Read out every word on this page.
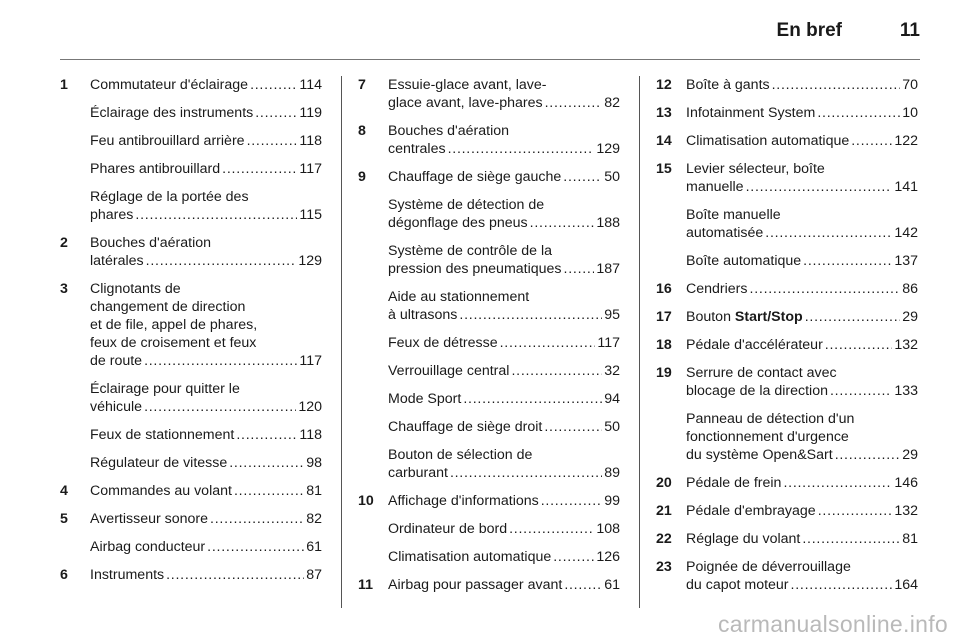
En bref	11
1	Commutateur d'éclairage . . .	114
Éclairage des instruments . . .	119
Feu antibrouillard arrière . . .	118
Phares antibrouillard . . .	117
Réglage de la portée des
phares . . .	115
2	Bouches d'aération
latérales . . .	129
3	Clignotants de
changement de direction
et de file, appel de phares,
feux de croisement et feux
de route . . .	117
Éclairage pour quitter le
véhicule . . .	120
Feux de stationnement . . .	118
Régulateur de vitesse . . .	98
4	Commandes au volant . . .	81
5	Avertisseur sonore . . .	82
Airbag conducteur . . .	61
6	Instruments . . .	87
7	Essuie-glace avant, lave-
glace avant, lave-phares . . .	82
8	Bouches d'aération
centrales . . .	129
9	Chauffage de siège gauche . . .	50
Système de détection de
dégonflage des pneus . . .	188
Système de contrôle de la
pression des pneumatiques . . . 187
Aide au stationnement
à ultrasons . . .	95
Feux de détresse . . .	117
Verrouillage central . . .	32
Mode Sport . . .	94
Chauffage de siège droit . . .	50
Bouton de sélection de
carburant . . .	89
10	Affichage d'informations . . .	99
Ordinateur de bord . . .	108
Climatisation automatique . . .	126
11	Airbag pour passager avant . . .	61
12	Boîte à gants . . .	70
13	Infotainment System . . .	10
14	Climatisation automatique . . .	122
15	Levier sélecteur, boîte
manuelle . . .	141
Boîte manuelle
automatisée . . .	142
Boîte automatique . . .	137
16	Cendriers . . .	86
17	Bouton Start/Stop . . .	29
18	Pédale d'accélérateur . . .	132
19	Serrure de contact avec
blocage de la direction . . .	133
Panneau de détection d'un
fonctionnement d'urgence
du système Open&Sart . . .	29
20	Pédale de frein . . .	146
21	Pédale d'embrayage . . .	132
22	Réglage du volant . . .	81
23	Poignée de déverrouillage
du capot moteur . . .	164
carmanualsonline.info
